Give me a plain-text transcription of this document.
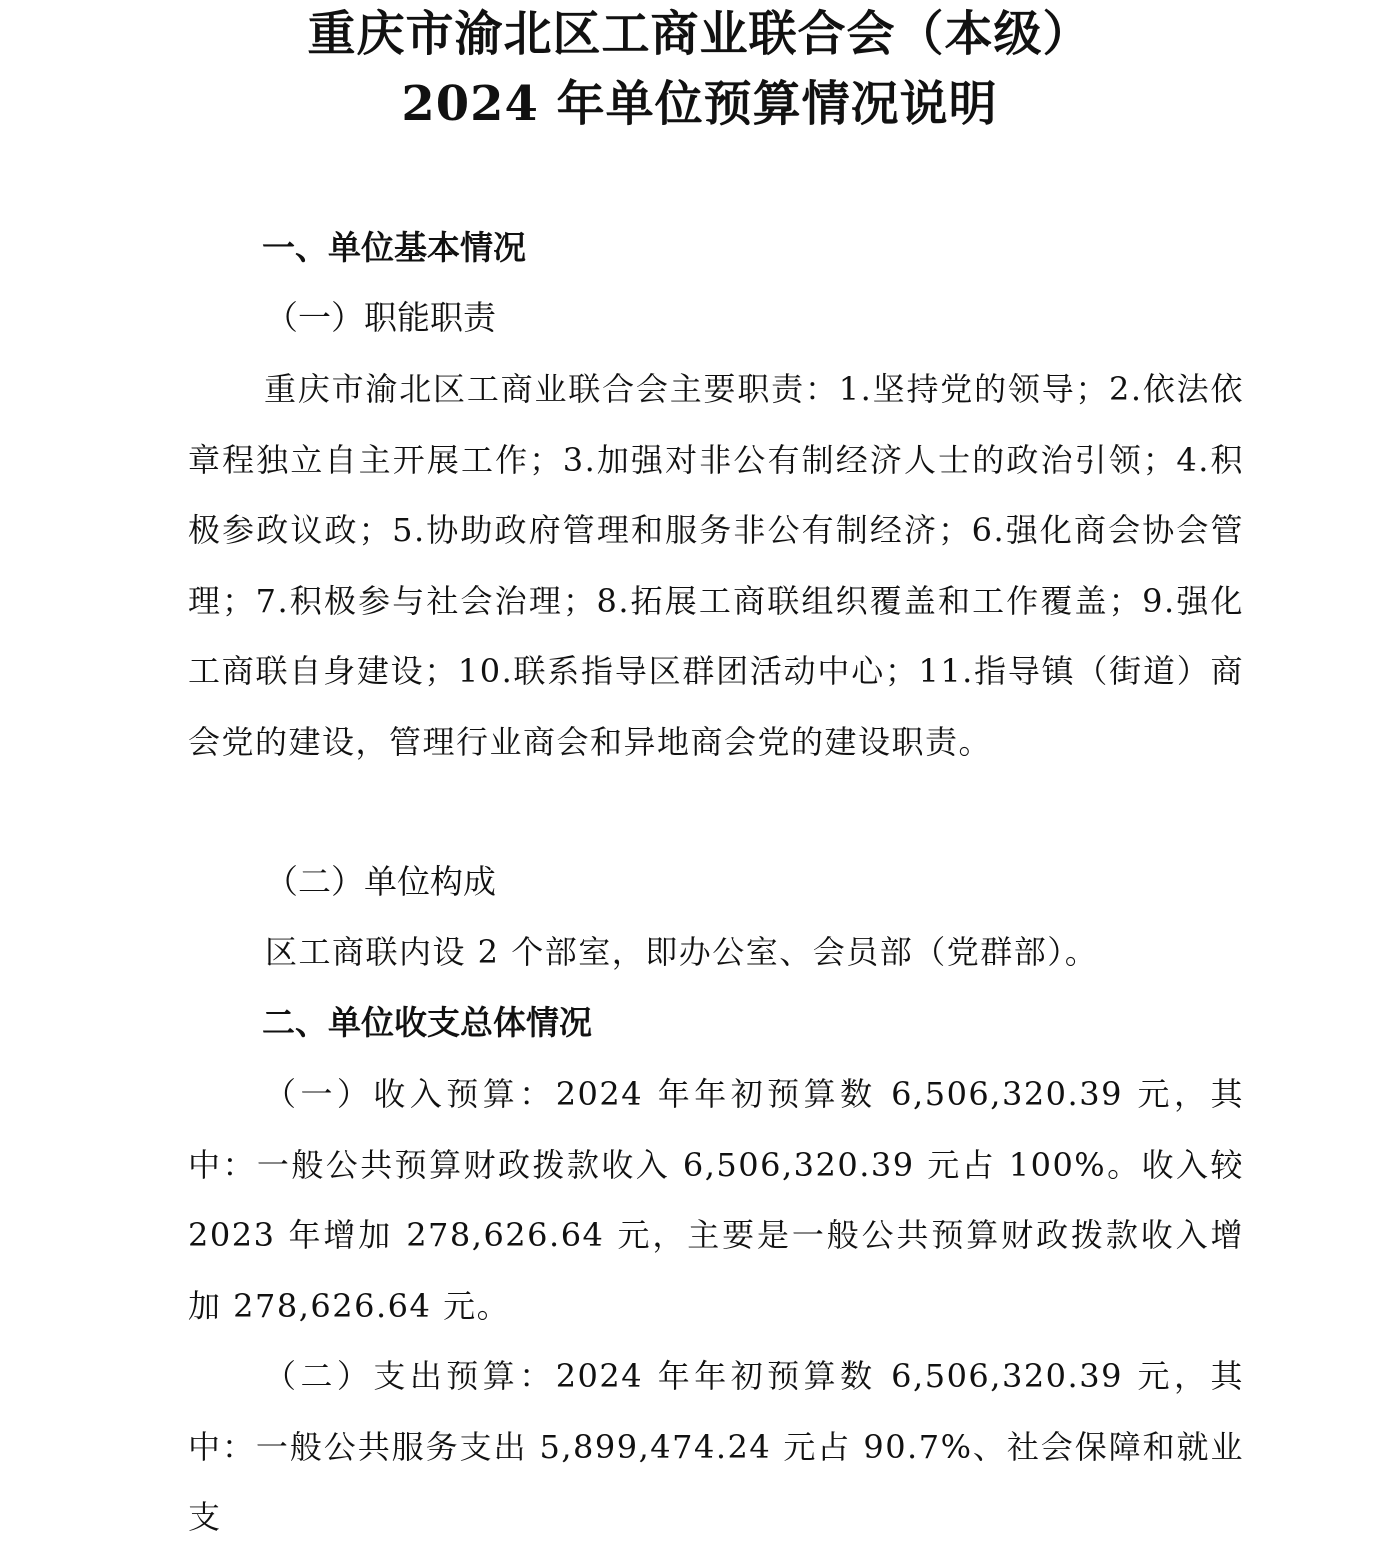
重庆市渝北区工商业联合会（本级）
2024 年单位预算情况说明
一、单位基本情况
（一）职能职责

重庆市渝北区工商业联合会主要职责：1.坚持党的领导；2.依法依章程独立自主开展工作；3.加强对非公有制经济人士的政治引领；4.积极参政议政；5.协助政府管理和服务非公有制经济；6.强化商会协会管理；7.积极参与社会治理；8.拓展工商联组织覆盖和工作覆盖；9.强化工商联自身建设；10.联系指导区群团活动中心；11.指导镇（街道）商会党的建设，管理行业商会和异地商会党的建设职责。

（二）单位构成
区工商联内设 2 个部室，即办公室、会员部（党群部）。
二、单位收支总体情况

（一）收入预算：2024 年年初预算数 6,506,320.39 元，其中：一般公共预算财政拨款收入 6,506,320.39 元占 100%。收入较 2023 年增加 278,626.64 元，主要是一般公共预算财政拨款收入增加 278,626.64 元。

（二）支出预算：2024 年年初预算数 6,506,320.39 元，其中：一般公共服务支出 5,899,474.24 元占 90.7%、社会保障和就业支
